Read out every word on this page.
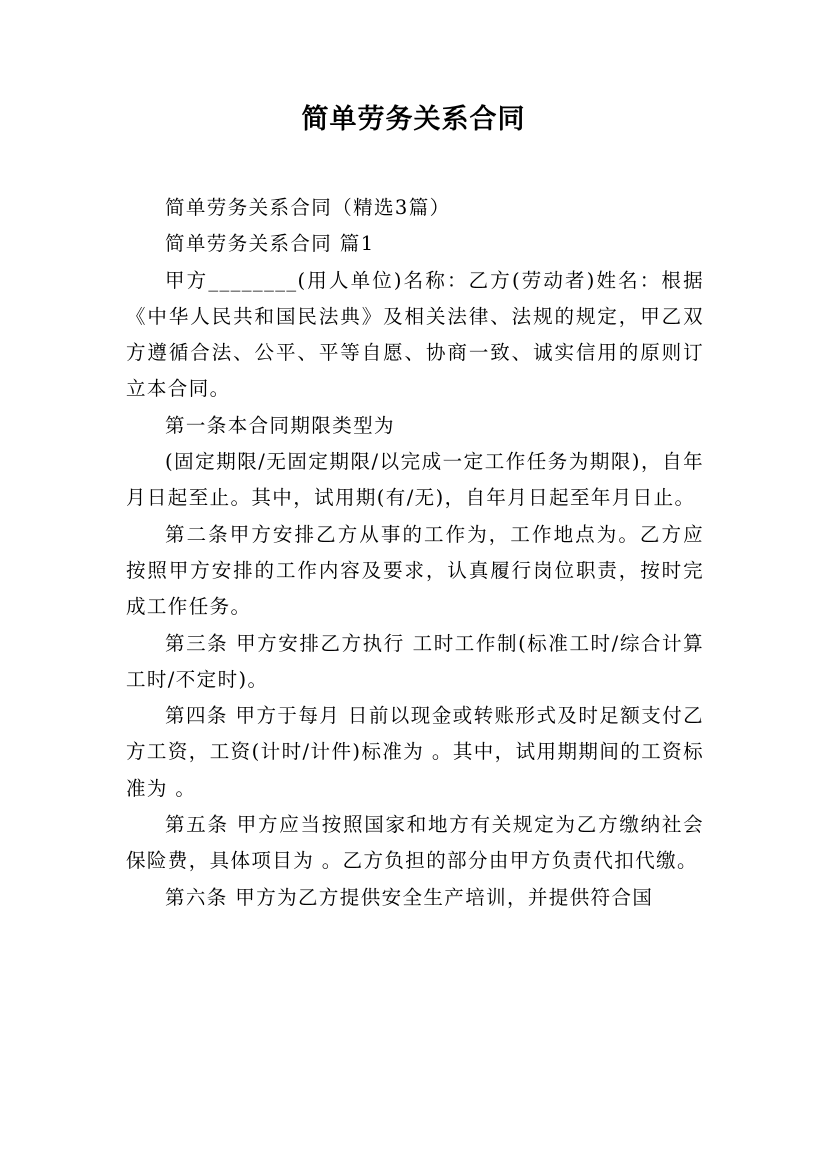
简单劳务关系合同

简单劳务关系合同（精选3篇）

简单劳务关系合同 篇1

甲方________(用人单位)名称：乙方(劳动者)姓名：根据《中华人民共和国民法典》及相关法律、法规的规定，甲乙双方遵循合法、公平、平等自愿、协商一致、诚实信用的原则订立本合同。

第一条本合同期限类型为

(固定期限/无固定期限/以完成一定工作任务为期限)，自年月日起至止。其中，试用期(有/无)，自年月日起至年月日止。

第二条甲方安排乙方从事的工作为，工作地点为。乙方应按照甲方安排的工作内容及要求，认真履行岗位职责，按时完成工作任务。

第三条 甲方安排乙方执行 工时工作制(标准工时/综合计算工时/不定时)。

第四条 甲方于每月 日前以现金或转账形式及时足额支付乙方工资，工资(计时/计件)标准为 。其中，试用期期间的工资标准为 。

第五条 甲方应当按照国家和地方有关规定为乙方缴纳社会保险费，具体项目为 。乙方负担的部分由甲方负责代扣代缴。

第六条 甲方为乙方提供安全生产培训，并提供符合国
